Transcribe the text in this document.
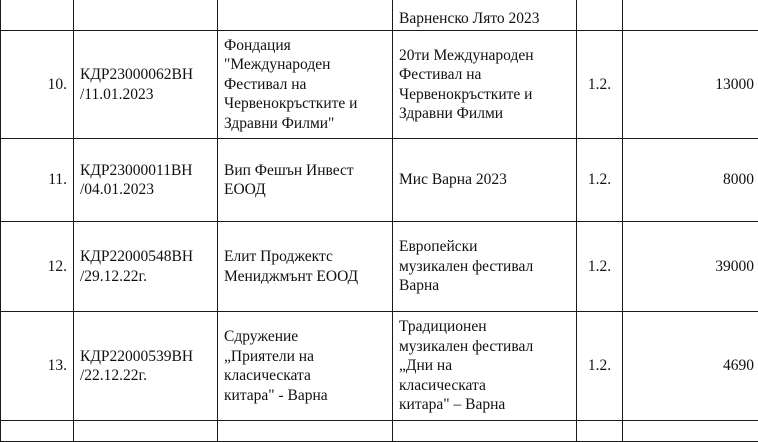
			Варненско Лято 2023		
10.	КДР23000062ВН
/11.01.2023	Фондация
"Международен
Фестивал на
Червенокръстките и
Здравни Филми"	20ти Международен
Фестивал на
Червенокръстките и
Здравни Филми	1.2.	13000
11.	КДР23000011ВН
/04.01.2023	Вип Фешън Инвест
ЕООД	Мис Варна 2023	1.2.	8000
12.	КДР22000548ВН
/29.12.22г.	Елит Проджектс
Мениджмънт ЕООД	Европейски
музикален фестивал
Варна	1.2.	39000
13.	КДР22000539ВН
/22.12.22г.	Сдружение
„Приятели на
класическата
китара" - Варна	Традиционен
музикален фестивал
„Дни на
класическата
китара" – Варна	1.2.	4690
